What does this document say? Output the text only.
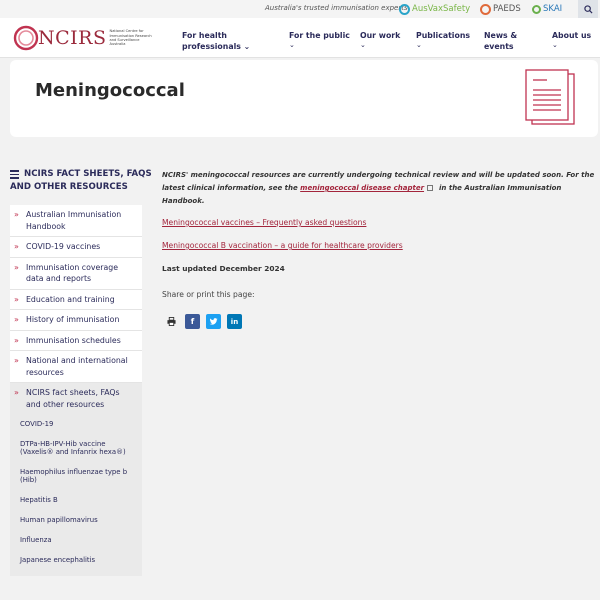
Australia's trusted immunisation experts AusVaxSafety	PAEDS	SKAI
NCIRS National Centre for Immunisation Research and Surveillance Australia
For health
professionals ⌄
For the public
⌄
Our work
⌄
Publications
⌄
News &
events
About us
⌄
Meningococcal
NCIRS FACT SHEETS, FAQS
AND OTHER RESOURCES
» Australian Immunisation Handbook
» COVID-19 vaccines
» Immunisation coverage data and reports
» Education and training
» History of immunisation
» Immunisation schedules
» National and international resources
» NCIRS fact sheets, FAQs and other resources
COVID-19
DTPa-HB-IPV-Hib vaccine (Vaxelis® and Infanrix hexa®)
Haemophilus influenzae type b (Hib)
Hepatitis B
Human papillomavirus
Influenza
Japanese encephalitis
NCIRS' meningococcal resources are currently undergoing technical review and will be updated soon. For the latest clinical information, see the meningococcal disease chapter in the Australian Immunisation Handbook.
Meningococcal vaccines – Frequently asked questions
Meningococcal B vaccination – a guide for healthcare providers
Last updated December 2024
Share or print this page:
f	in
